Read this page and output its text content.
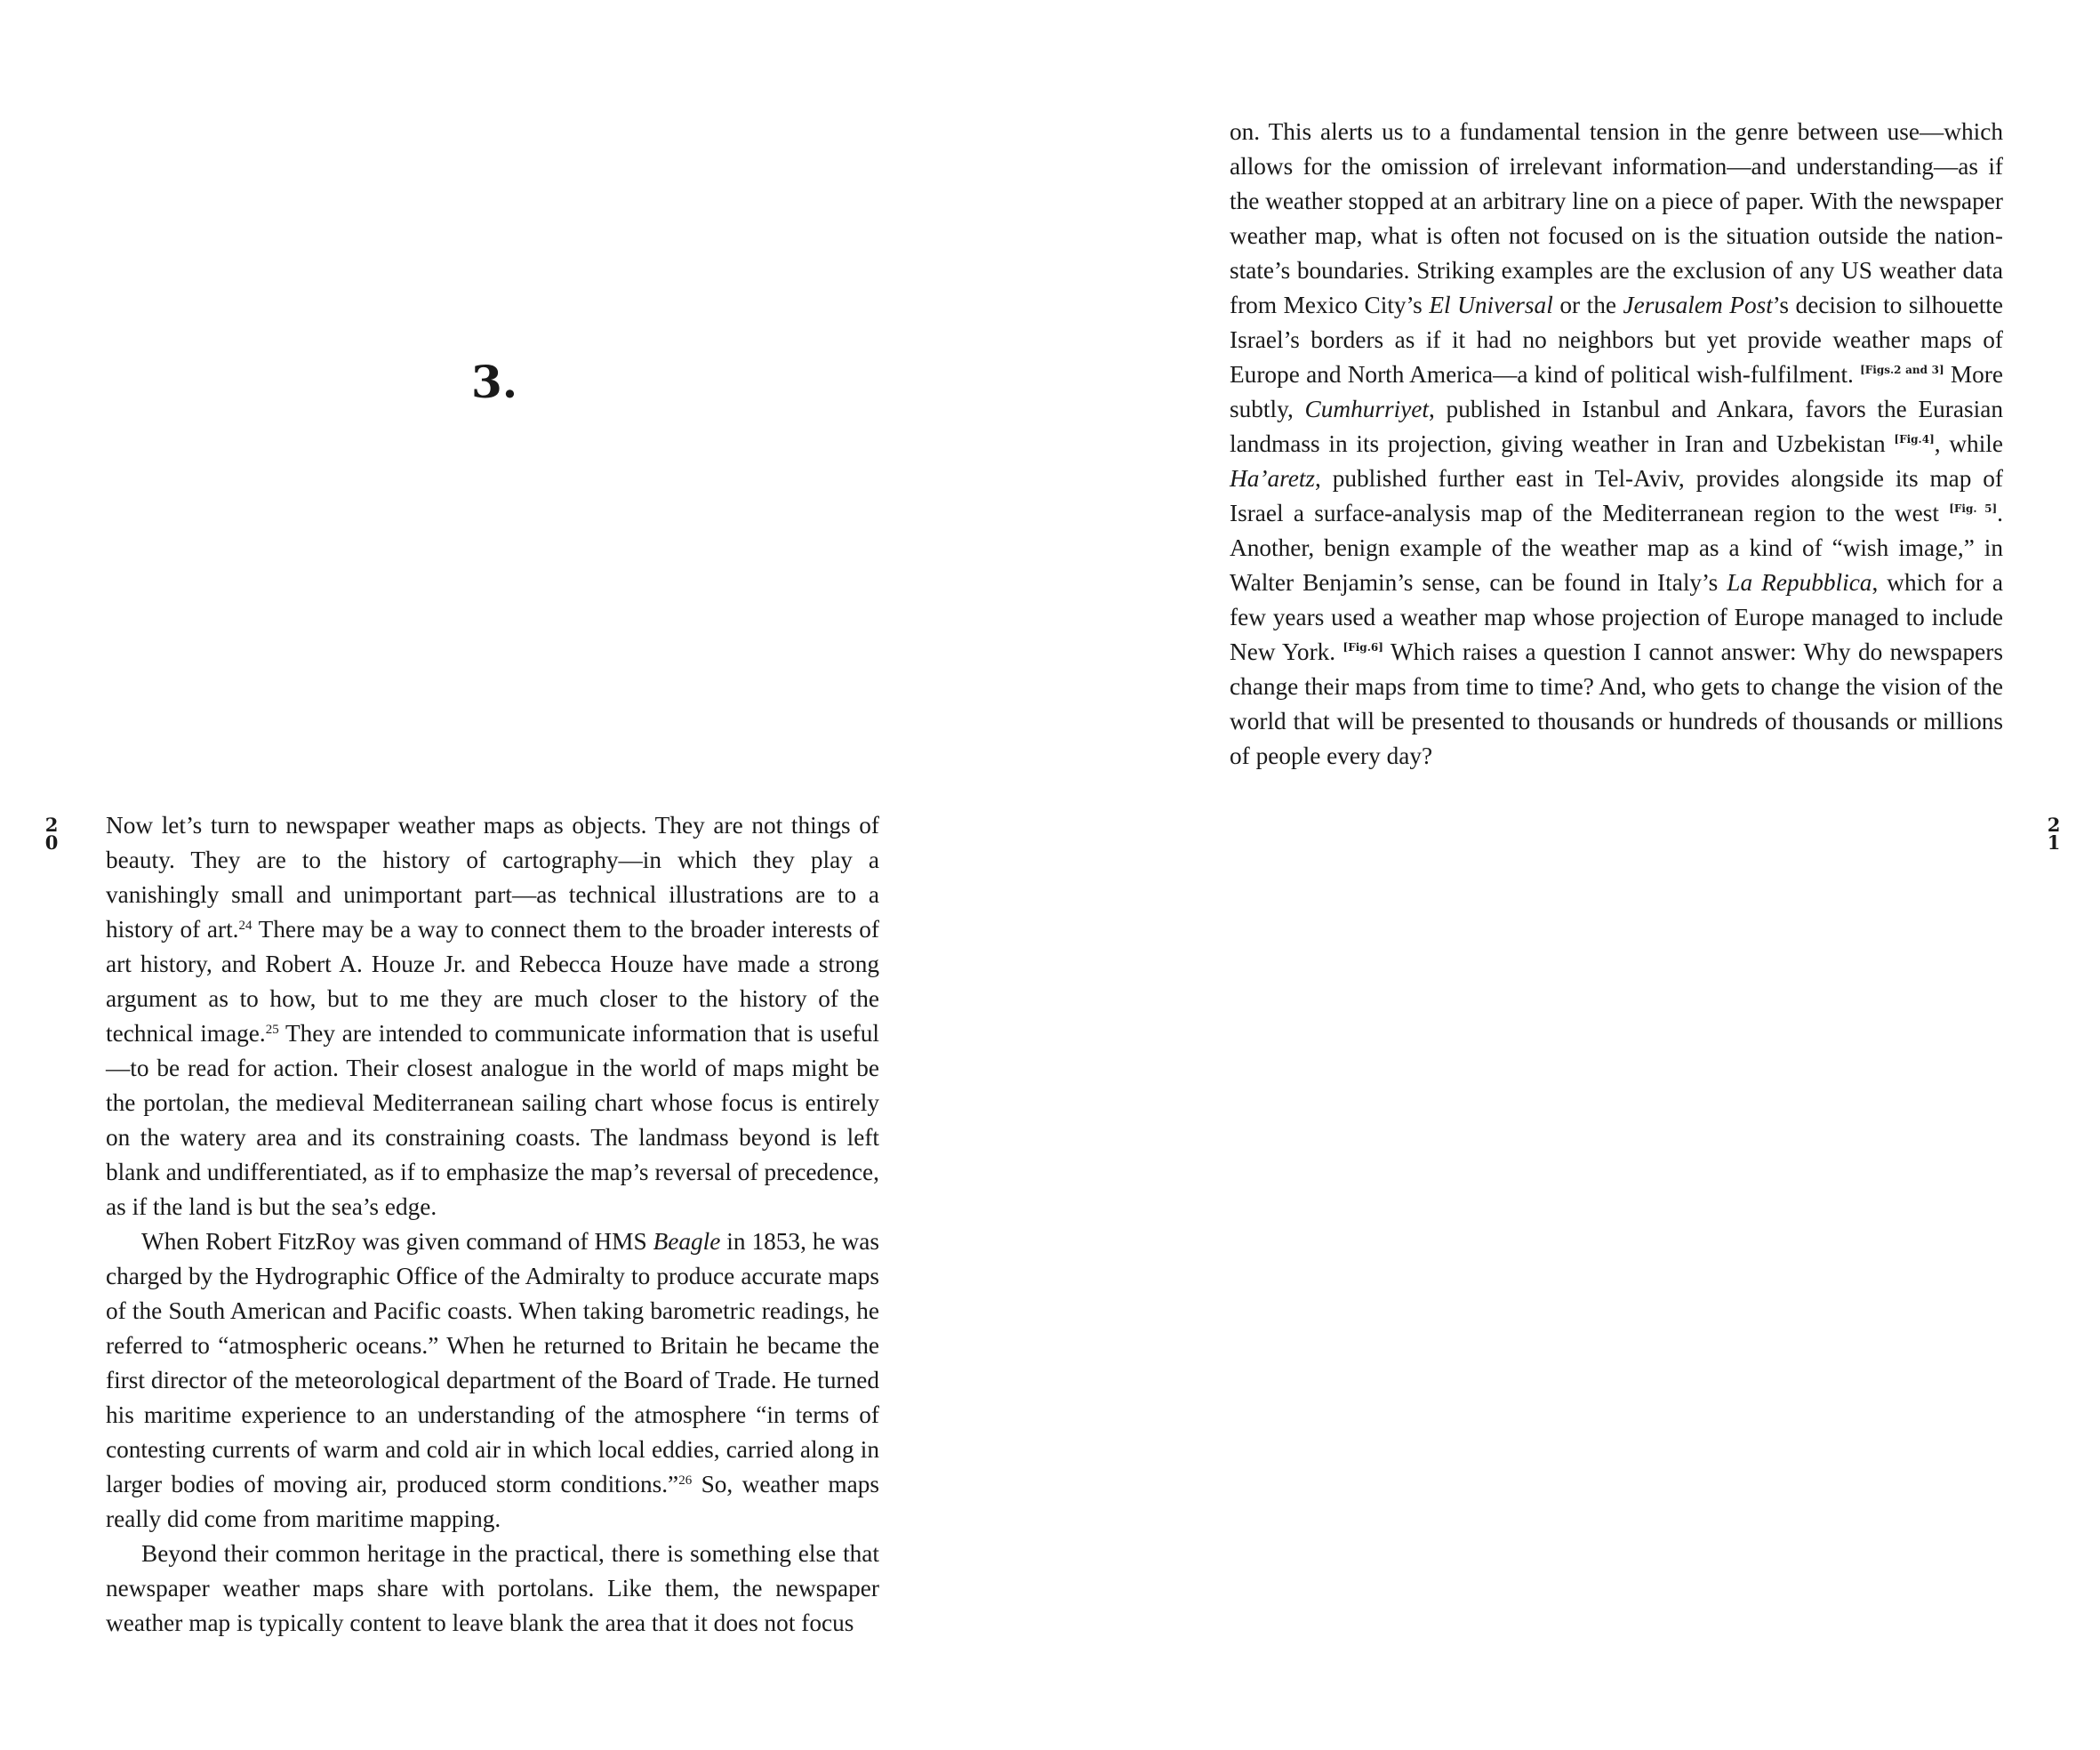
3.
2
0
2
1

Now let’s turn to newspaper weather maps as objects. They are not things of beauty. They are to the history of cartography—in which they play a vanishingly small and unimportant part—as technical illustrations are to a history of art.$^{24}$ There may be a way to connect them to the broader interests of art history, and Robert A. Houze Jr. and Rebecca Houze have made a strong argument as to how, but to me they are much closer to the history of the technical image.$^{25}$ They are intended to communicate information that is useful—to be read for action. Their closest analogue in the world of maps might be the portolan, the medieval Mediterranean sailing chart whose focus is entirely on the watery area and its constraining coasts. The landmass beyond is left blank and undifferentiated, as if to emphasize the map’s reversal of precedence, as if the land is but the sea’s edge.

When Robert FitzRoy was given command of HMS Beagle in 1853, he was charged by the Hydrographic Office of the Admiralty to produce accurate maps of the South American and Pacific coasts. When taking barometric readings, he referred to “atmospheric oceans.” When he returned to Britain he became the first director of the meteorological department of the Board of Trade. He turned his maritime experience to an understanding of the atmosphere “in terms of contesting currents of warm and cold air in which local eddies, carried along in larger bodies of moving air, produced storm conditions.”$^{26}$ So, weather maps really did come from maritime mapping.

Beyond their common heritage in the practical, there is something else that newspaper weather maps share with portolans. Like them, the newspaper weather map is typically content to leave blank the area that it does not focus

on. This alerts us to a fundamental tension in the genre between use—which allows for the omission of irrelevant information—and understanding—as if the weather stopped at an arbitrary line on a piece of paper. With the newspaper weather map, what is often not focused on is the situation outside the nation-state’s boundaries. Striking examples are the exclusion of any US weather data from Mexico City’s El Universal or the Jerusalem Post’s decision to silhouette Israel’s borders as if it had no neighbors but yet provide weather maps of Europe and North America—a kind of political wish-fulfilment. [Figs.2 and 3] More subtly, Cumhurriyet, published in Istanbul and Ankara, favors the Eurasian landmass in its projection, giving weather in Iran and Uzbekistan [Fig.4], while Ha’aretz, published further east in Tel-Aviv, provides alongside its map of Israel a surface-analysis map of the Mediterranean region to the west [Fig. 5]. Another, benign example of the weather map as a kind of “wish image,” in Walter Benjamin’s sense, can be found in Italy’s La Repubblica, which for a few years used a weather map whose projection of Europe managed to include New York. [Fig.6] Which raises a question I cannot answer: Why do newspapers change their maps from time to time? And, who gets to change the vision of the world that will be presented to thousands or hundreds of thousands or millions of people every day?
